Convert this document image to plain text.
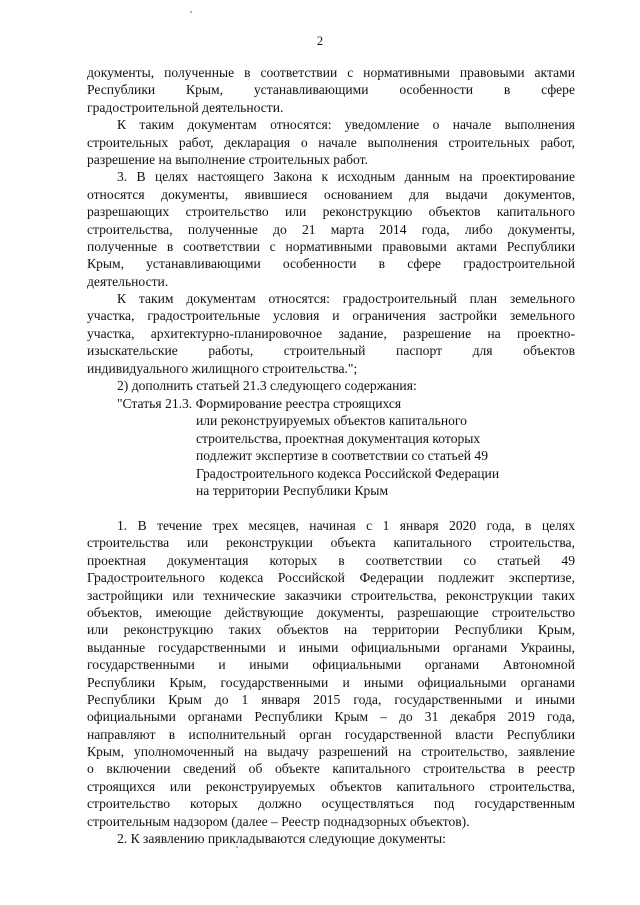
2
документы, полученные в соответствии с нормативными правовыми актами
Республики Крым, устанавливающими особенности в сфере
градостроительной деятельности.
К таким документам относятся: уведомление о начале выполнения
строительных работ, декларация о начале выполнения строительных работ,
разрешение на выполнение строительных работ.
3. В целях настоящего Закона к исходным данным на проектирование
относятся документы, явившиеся основанием для выдачи документов,
разрешающих строительство или реконструкцию объектов капитального
строительства, полученные до 21 марта 2014 года, либо документы,
полученные в соответствии с нормативными правовыми актами Республики
Крым, устанавливающими особенности в сфере градостроительной
деятельности.
К таким документам относятся: градостроительный план земельного
участка, градостроительные условия и ограничения застройки земельного
участка, архитектурно-планировочное задание, разрешение на проектно-
изыскательские работы, строительный паспорт для объектов
индивидуального жилищного строительства.";
2) дополнить статьей 21.3 следующего содержания:
"Статья 21.3. Формирование реестра строящихся
или реконструируемых объектов капитального
строительства, проектная документация которых
подлежит экспертизе в соответствии со статьей 49
Градостроительного кодекса Российской Федерации
на территории Республики Крым
1. В течение трех месяцев, начиная с 1 января 2020 года, в целях
строительства или реконструкции объекта капитального строительства,
проектная документация которых в соответствии со статьей 49
Градостроительного кодекса Российской Федерации подлежит экспертизе,
застройщики или технические заказчики строительства, реконструкции таких
объектов, имеющие действующие документы, разрешающие строительство
или реконструкцию таких объектов на территории Республики Крым,
выданные государственными и иными официальными органами Украины,
государственными и иными официальными органами Автономной
Республики Крым, государственными и иными официальными органами
Республики Крым до 1 января 2015 года, государственными и иными
официальными органами Республики Крым – до 31 декабря 2019 года,
направляют в исполнительный орган государственной власти Республики
Крым, уполномоченный на выдачу разрешений на строительство, заявление
о включении сведений об объекте капитального строительства в реестр
строящихся или реконструируемых объектов капитального строительства,
строительство которых должно осуществляться под государственным
строительным надзором (далее – Реестр поднадзорных объектов).
2. К заявлению прикладываются следующие документы:
